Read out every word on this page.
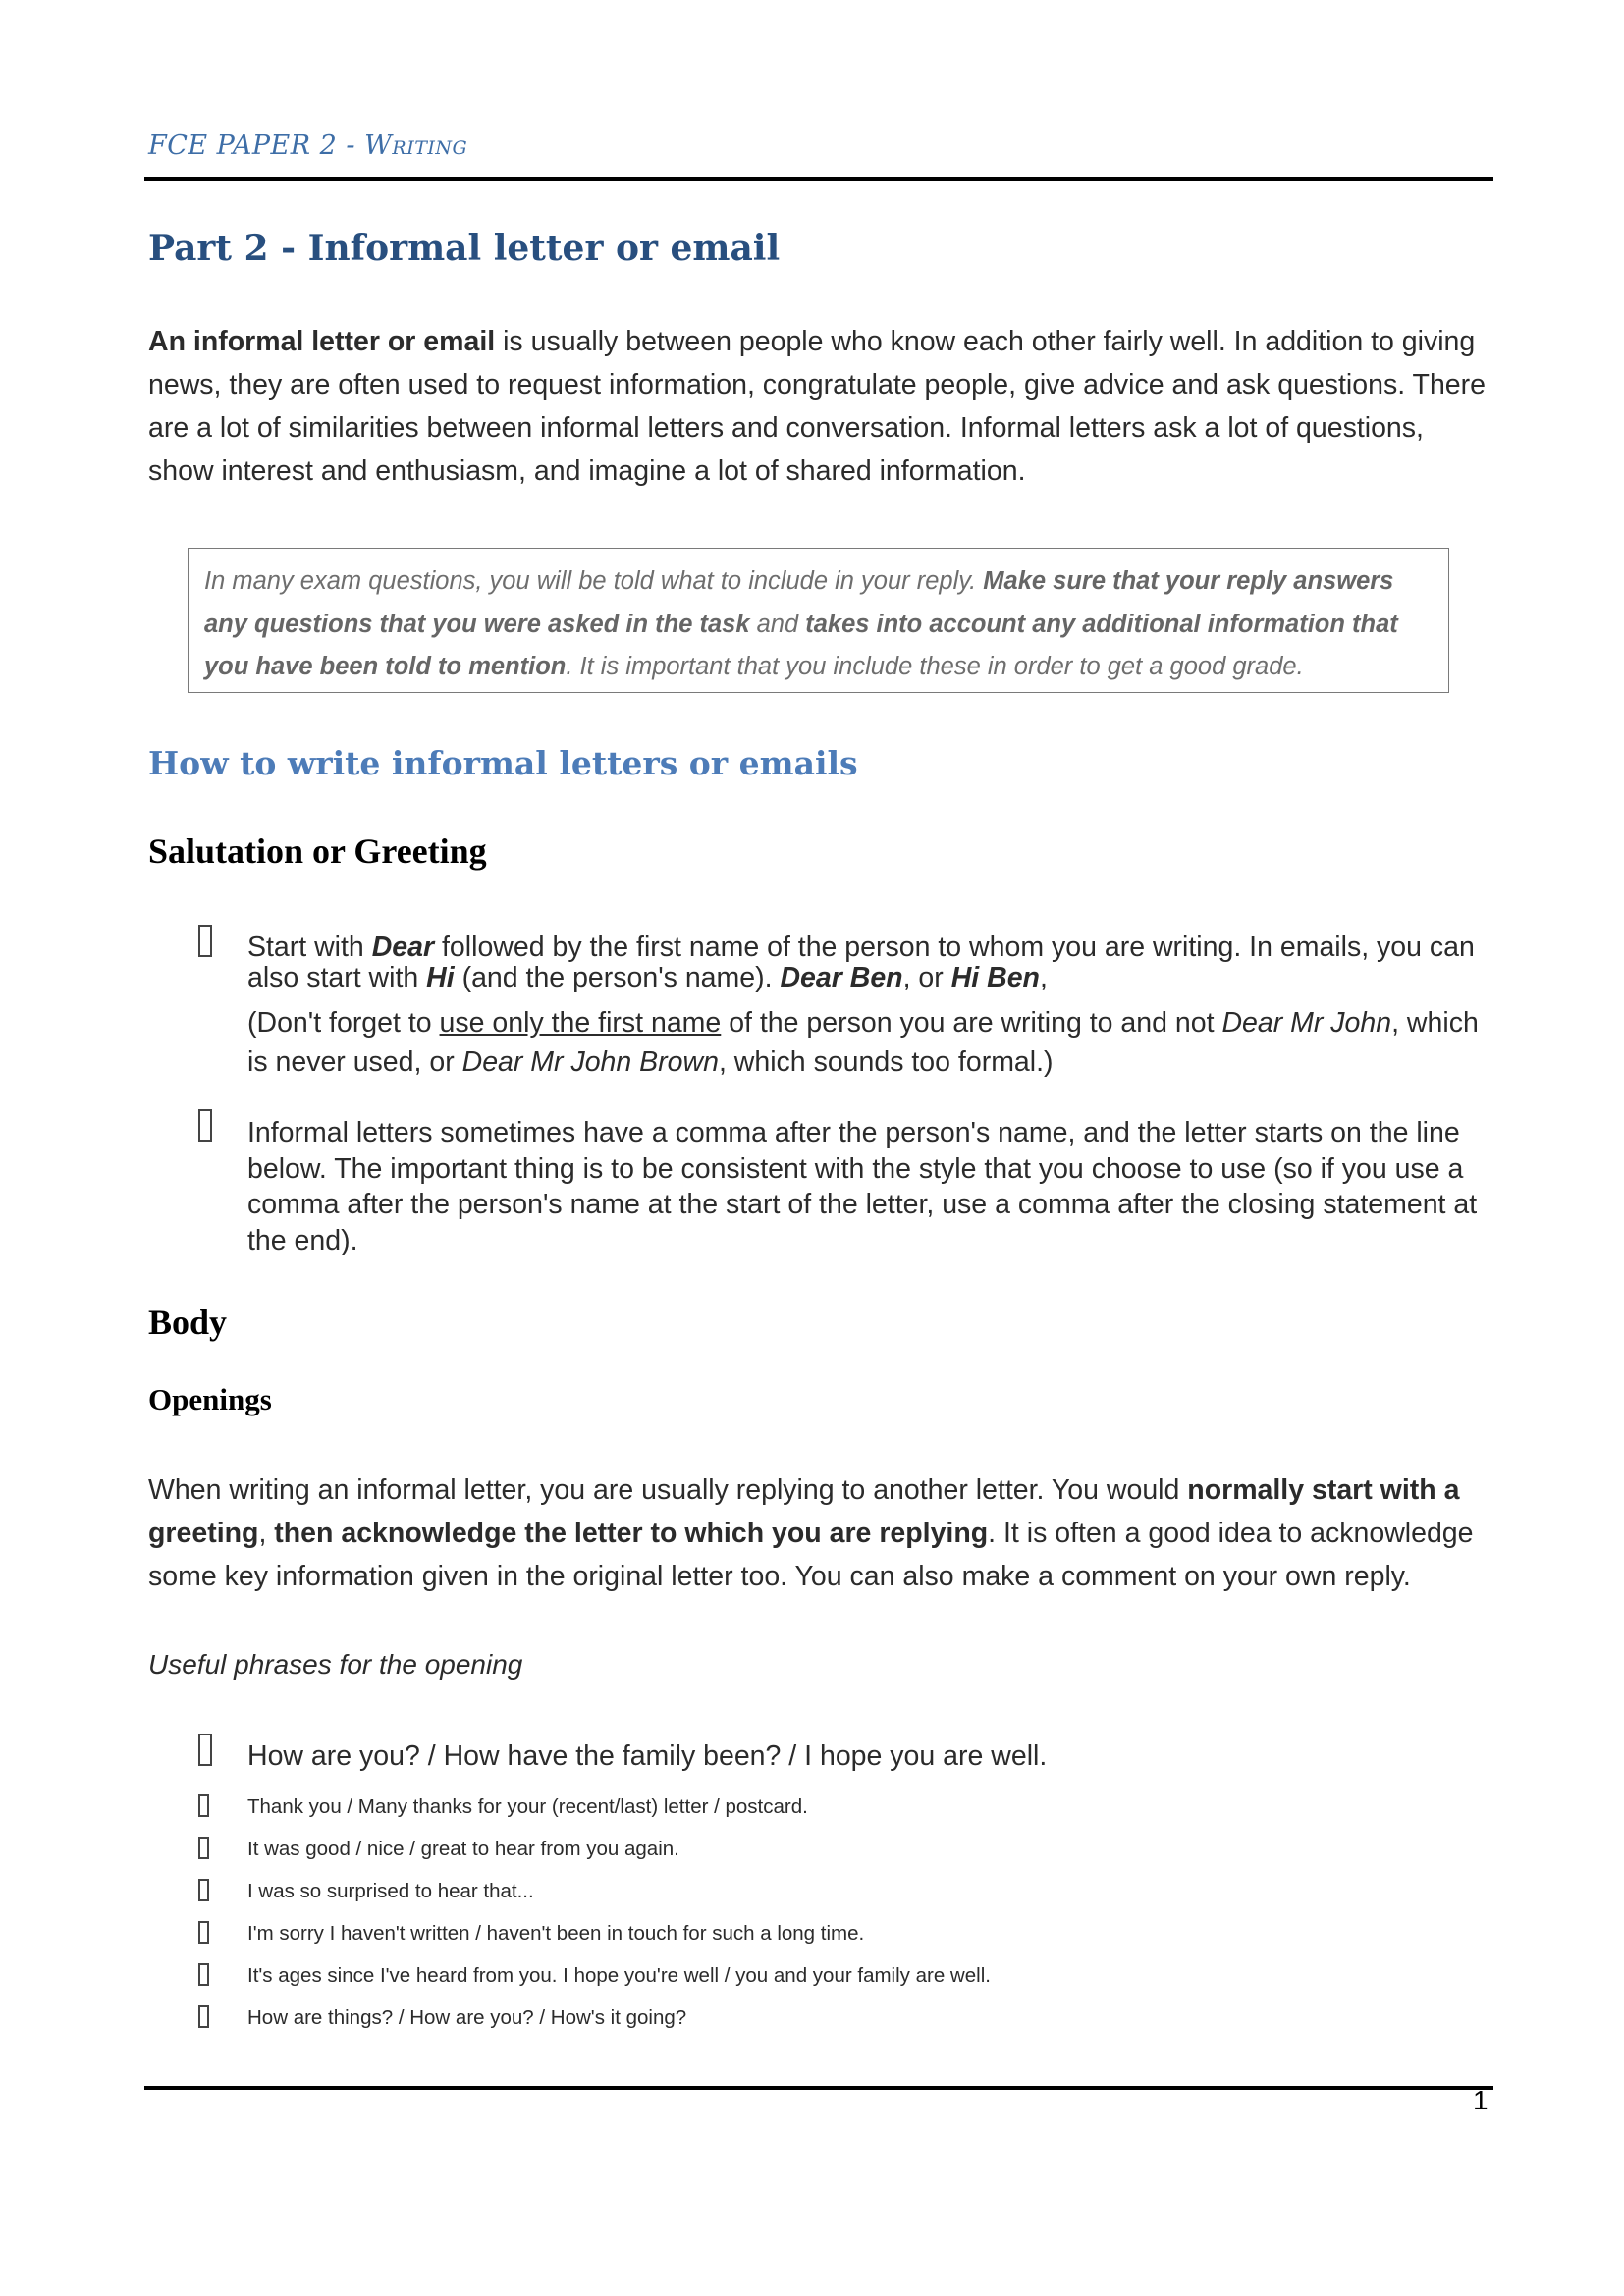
FCE PAPER 2 - Writing
Part 2 - Informal letter or email
An informal letter or email is usually between people who know each other fairly well. In addition to giving news, they are often used to request information, congratulate people, give advice and ask questions. There are a lot of similarities between informal letters and conversation. Informal letters ask a lot of questions, show interest and enthusiasm, and imagine a lot of shared information.
In many exam questions, you will be told what to include in your reply. Make sure that your reply answers any questions that you were asked in the task and takes into account any additional information that you have been told to mention. It is important that you include these in order to get a good grade.
How to write informal letters or emails
Salutation or Greeting
Start with Dear followed by the first name of the person to whom you are writing. In emails, you can also start with Hi (and the person's name). Dear Ben, or Hi Ben,
(Don't forget to use only the first name of the person you are writing to and not Dear Mr John, which is never used, or Dear Mr John Brown, which sounds too formal.)
Informal letters sometimes have a comma after the person's name, and the letter starts on the line below. The important thing is to be consistent with the style that you choose to use (so if you use a comma after the person's name at the start of the letter, use a comma after the closing statement at the end).
Body
Openings
When writing an informal letter, you are usually replying to another letter. You would normally start with a greeting, then acknowledge the letter to which you are replying. It is often a good idea to acknowledge some key information given in the original letter too. You can also make a comment on your own reply.
Useful phrases for the opening
How are you? / How have the family been? / I hope you are well.
Thank you / Many thanks for your (recent/last) letter / postcard.
It was good / nice / great to hear from you again.
I was so surprised to hear that...
I'm sorry I haven't written / haven't been in touch for such a long time.
It's ages since I've heard from you. I hope you're well / you and your family are well.
How are things? / How are you? / How's it going?
1
